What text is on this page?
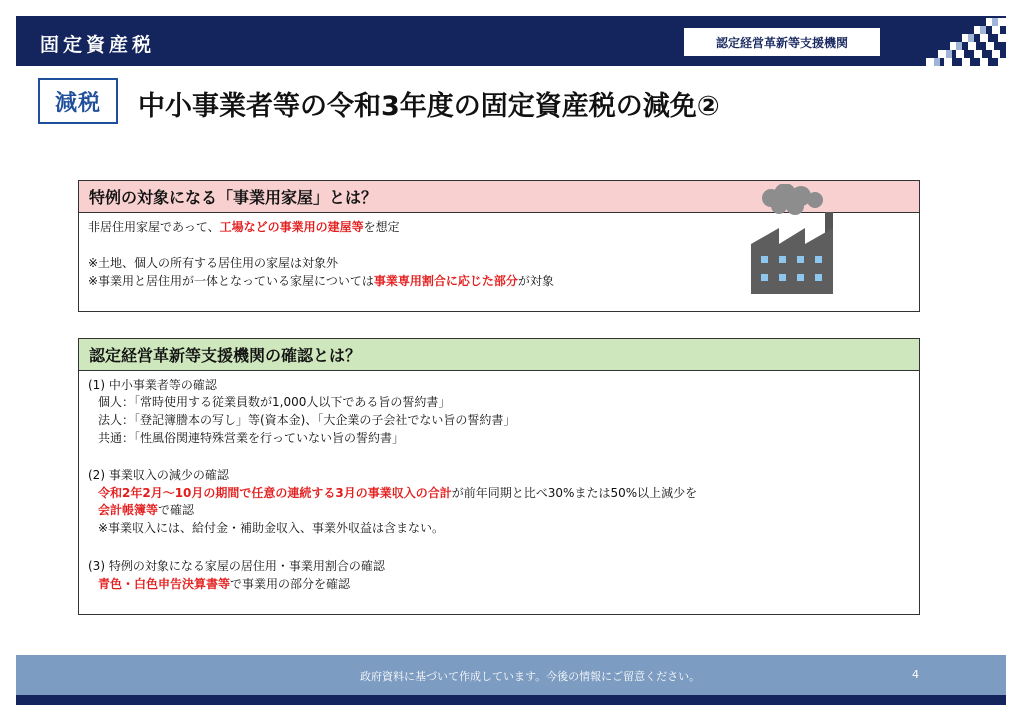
固定資産税	認定経営革新等支援機関
減税	中小事業者等の令和3年度の固定資産税の減免②
特例の対象になる「事業用家屋」とは？
非居住用家屋であって、工場などの事業用の建屋等を想定
※土地、個人の所有する居住用の家屋は対象外
※事業用と居住用が一体となっている家屋については事業専用割合に応じた部分が対象
認定経営革新等支援機関の確認とは？
(1) 中小事業者等の確認
個人：「常時使用する従業員数が1,000人以下である旨の誓約書」
法人：「登記簿謄本の写し」等(資本金)、「大企業の子会社でない旨の誓約書」
共通：「性風俗関連特殊営業を行っていない旨の誓約書」
(2) 事業収入の減少の確認
令和2年2月～10月の期間で任意の連続する3月の事業収入の合計が前年同期と比べ30%または50%以上減少を
会計帳簿等で確認
※事業収入には、給付金・補助金収入、事業外収益は含まない。
(3) 特例の対象になる家屋の居住用・事業用割合の確認
青色・白色申告決算書等で事業用の部分を確認
政府資料に基づいて作成しています。今後の情報にご留意ください。	4
